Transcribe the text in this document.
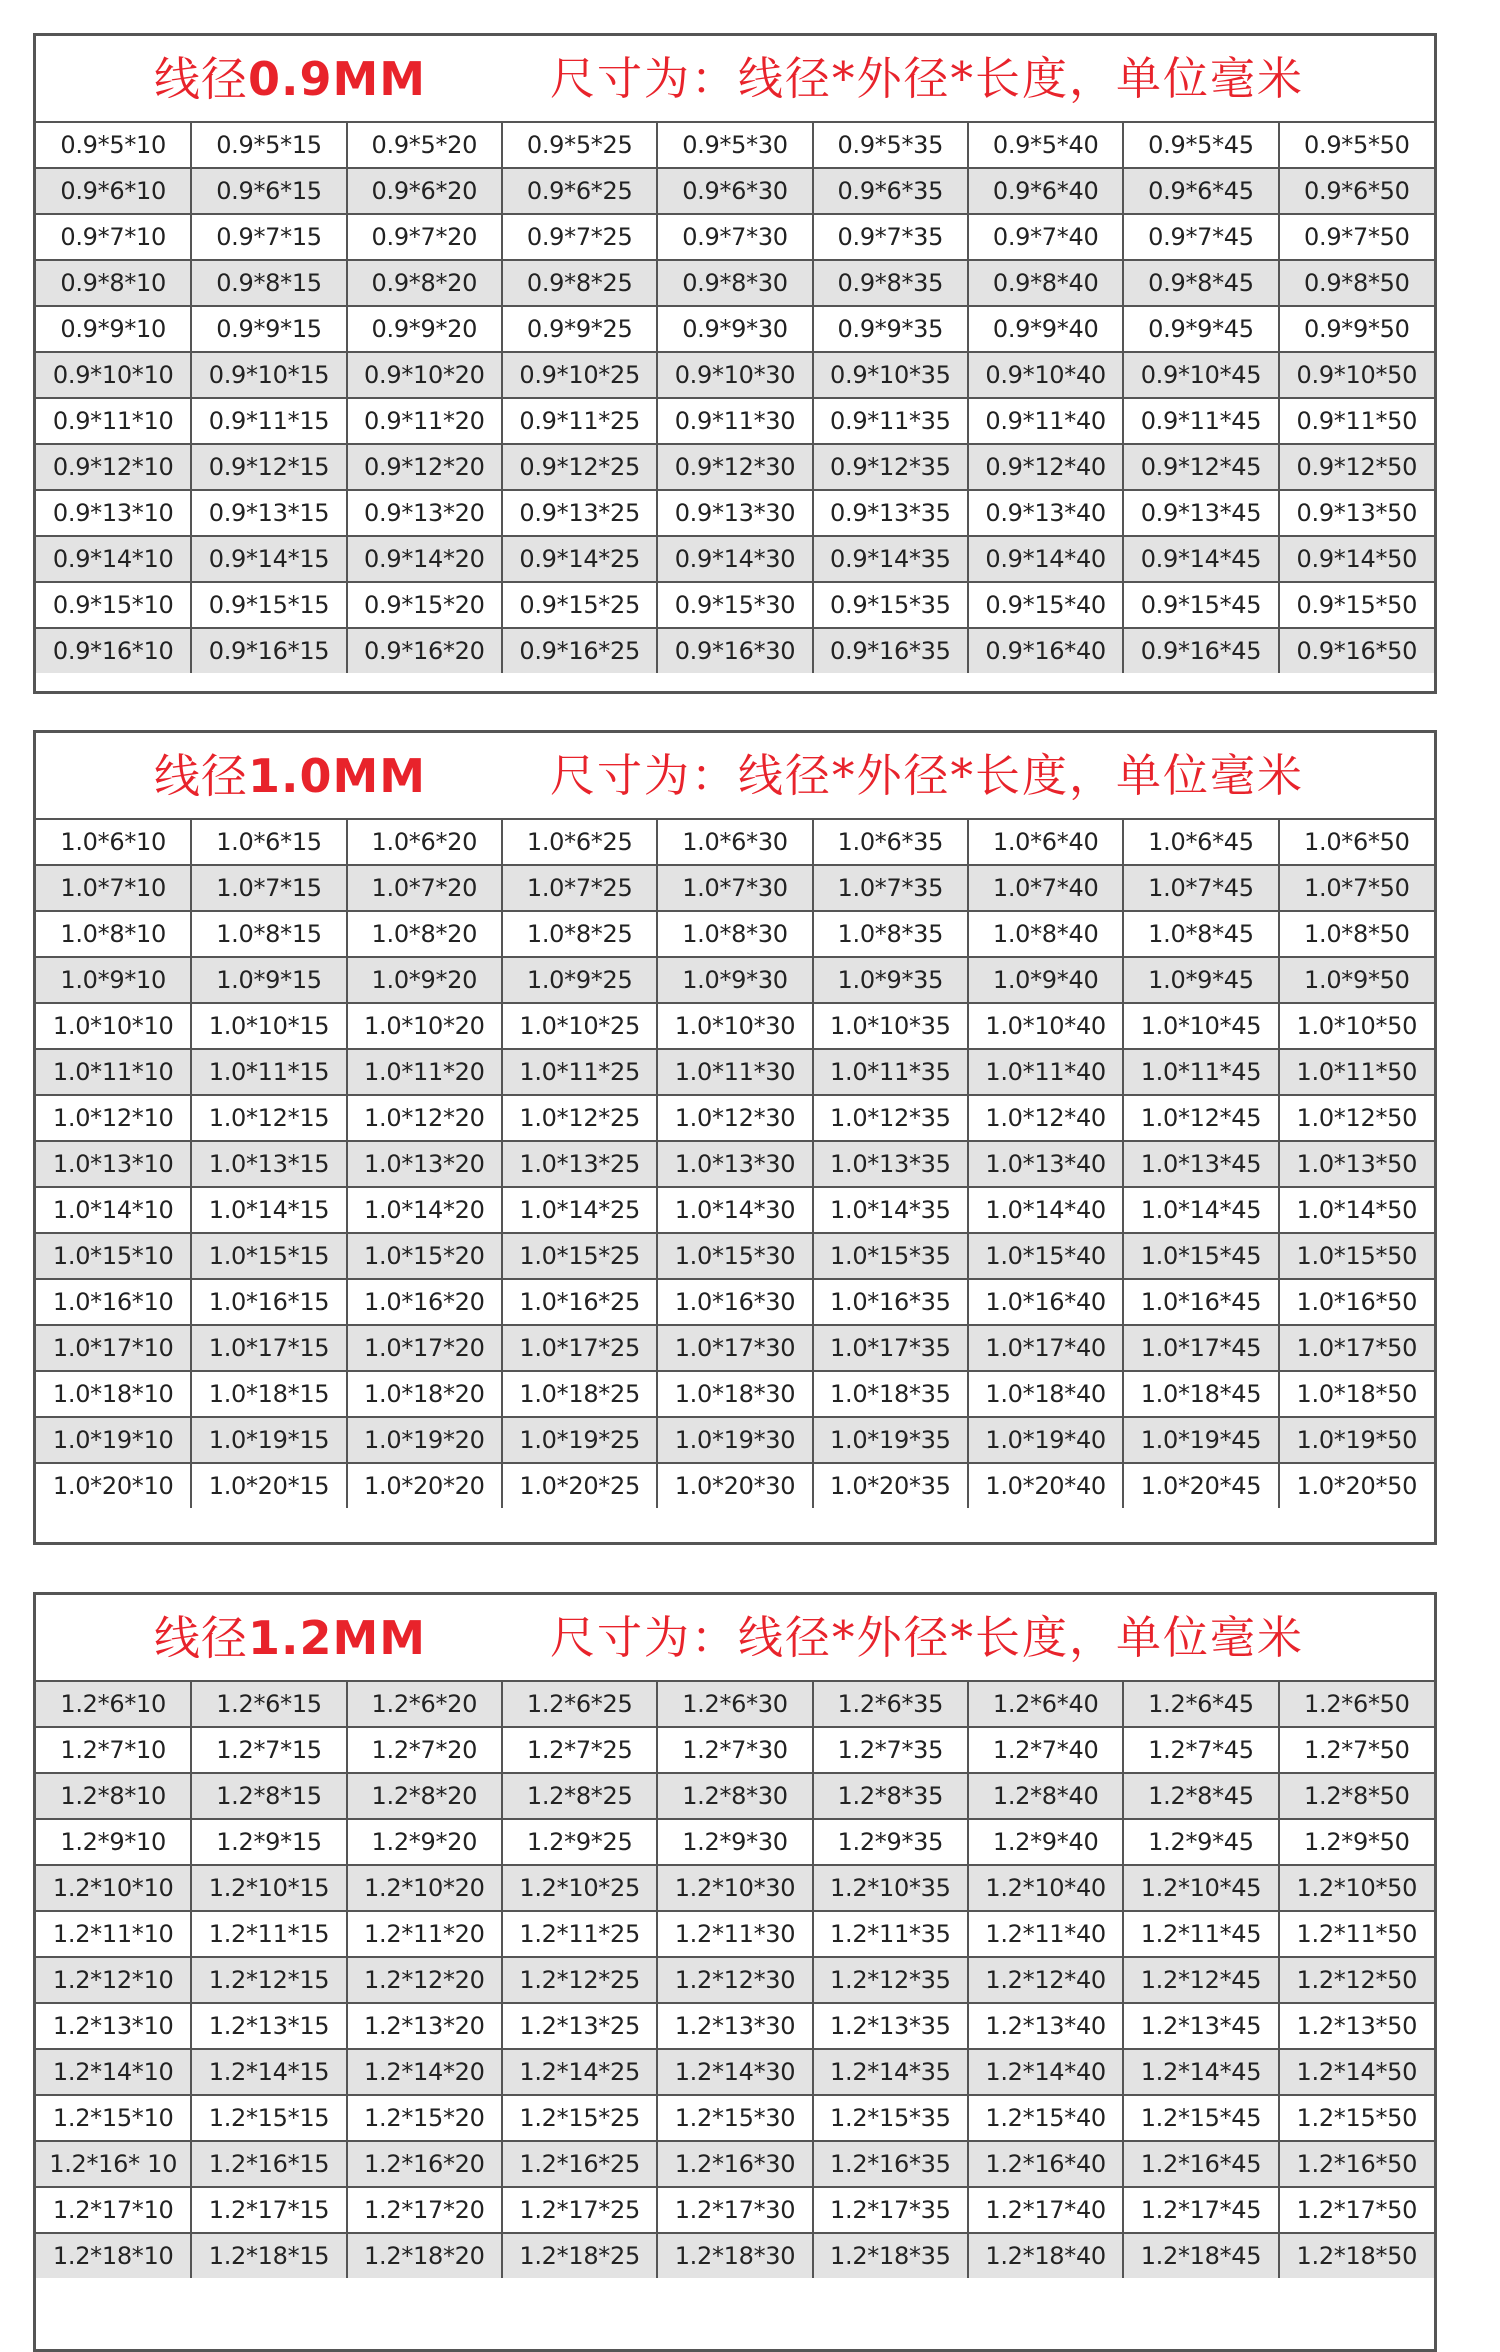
线径0.9MM	尺寸为：线径*外径*长度，单位毫米
0.9*5*10	0.9*5*15	0.9*5*20	0.9*5*25	0.9*5*30	0.9*5*35	0.9*5*40	0.9*5*45	0.9*5*50
0.9*6*10	0.9*6*15	0.9*6*20	0.9*6*25	0.9*6*30	0.9*6*35	0.9*6*40	0.9*6*45	0.9*6*50
0.9*7*10	0.9*7*15	0.9*7*20	0.9*7*25	0.9*7*30	0.9*7*35	0.9*7*40	0.9*7*45	0.9*7*50
0.9*8*10	0.9*8*15	0.9*8*20	0.9*8*25	0.9*8*30	0.9*8*35	0.9*8*40	0.9*8*45	0.9*8*50
0.9*9*10	0.9*9*15	0.9*9*20	0.9*9*25	0.9*9*30	0.9*9*35	0.9*9*40	0.9*9*45	0.9*9*50
0.9*10*10	0.9*10*15	0.9*10*20	0.9*10*25	0.9*10*30	0.9*10*35	0.9*10*40	0.9*10*45	0.9*10*50
0.9*11*10	0.9*11*15	0.9*11*20	0.9*11*25	0.9*11*30	0.9*11*35	0.9*11*40	0.9*11*45	0.9*11*50
0.9*12*10	0.9*12*15	0.9*12*20	0.9*12*25	0.9*12*30	0.9*12*35	0.9*12*40	0.9*12*45	0.9*12*50
0.9*13*10	0.9*13*15	0.9*13*20	0.9*13*25	0.9*13*30	0.9*13*35	0.9*13*40	0.9*13*45	0.9*13*50
0.9*14*10	0.9*14*15	0.9*14*20	0.9*14*25	0.9*14*30	0.9*14*35	0.9*14*40	0.9*14*45	0.9*14*50
0.9*15*10	0.9*15*15	0.9*15*20	0.9*15*25	0.9*15*30	0.9*15*35	0.9*15*40	0.9*15*45	0.9*15*50
0.9*16*10	0.9*16*15	0.9*16*20	0.9*16*25	0.9*16*30	0.9*16*35	0.9*16*40	0.9*16*45	0.9*16*50
线径1.0MM	尺寸为：线径*外径*长度，单位毫米
1.0*6*10	1.0*6*15	1.0*6*20	1.0*6*25	1.0*6*30	1.0*6*35	1.0*6*40	1.0*6*45	1.0*6*50
1.0*7*10	1.0*7*15	1.0*7*20	1.0*7*25	1.0*7*30	1.0*7*35	1.0*7*40	1.0*7*45	1.0*7*50
1.0*8*10	1.0*8*15	1.0*8*20	1.0*8*25	1.0*8*30	1.0*8*35	1.0*8*40	1.0*8*45	1.0*8*50
1.0*9*10	1.0*9*15	1.0*9*20	1.0*9*25	1.0*9*30	1.0*9*35	1.0*9*40	1.0*9*45	1.0*9*50
1.0*10*10	1.0*10*15	1.0*10*20	1.0*10*25	1.0*10*30	1.0*10*35	1.0*10*40	1.0*10*45	1.0*10*50
1.0*11*10	1.0*11*15	1.0*11*20	1.0*11*25	1.0*11*30	1.0*11*35	1.0*11*40	1.0*11*45	1.0*11*50
1.0*12*10	1.0*12*15	1.0*12*20	1.0*12*25	1.0*12*30	1.0*12*35	1.0*12*40	1.0*12*45	1.0*12*50
1.0*13*10	1.0*13*15	1.0*13*20	1.0*13*25	1.0*13*30	1.0*13*35	1.0*13*40	1.0*13*45	1.0*13*50
1.0*14*10	1.0*14*15	1.0*14*20	1.0*14*25	1.0*14*30	1.0*14*35	1.0*14*40	1.0*14*45	1.0*14*50
1.0*15*10	1.0*15*15	1.0*15*20	1.0*15*25	1.0*15*30	1.0*15*35	1.0*15*40	1.0*15*45	1.0*15*50
1.0*16*10	1.0*16*15	1.0*16*20	1.0*16*25	1.0*16*30	1.0*16*35	1.0*16*40	1.0*16*45	1.0*16*50
1.0*17*10	1.0*17*15	1.0*17*20	1.0*17*25	1.0*17*30	1.0*17*35	1.0*17*40	1.0*17*45	1.0*17*50
1.0*18*10	1.0*18*15	1.0*18*20	1.0*18*25	1.0*18*30	1.0*18*35	1.0*18*40	1.0*18*45	1.0*18*50
1.0*19*10	1.0*19*15	1.0*19*20	1.0*19*25	1.0*19*30	1.0*19*35	1.0*19*40	1.0*19*45	1.0*19*50
1.0*20*10	1.0*20*15	1.0*20*20	1.0*20*25	1.0*20*30	1.0*20*35	1.0*20*40	1.0*20*45	1.0*20*50
线径1.2MM	尺寸为：线径*外径*长度，单位毫米
1.2*6*10	1.2*6*15	1.2*6*20	1.2*6*25	1.2*6*30	1.2*6*35	1.2*6*40	1.2*6*45	1.2*6*50
1.2*7*10	1.2*7*15	1.2*7*20	1.2*7*25	1.2*7*30	1.2*7*35	1.2*7*40	1.2*7*45	1.2*7*50
1.2*8*10	1.2*8*15	1.2*8*20	1.2*8*25	1.2*8*30	1.2*8*35	1.2*8*40	1.2*8*45	1.2*8*50
1.2*9*10	1.2*9*15	1.2*9*20	1.2*9*25	1.2*9*30	1.2*9*35	1.2*9*40	1.2*9*45	1.2*9*50
1.2*10*10	1.2*10*15	1.2*10*20	1.2*10*25	1.2*10*30	1.2*10*35	1.2*10*40	1.2*10*45	1.2*10*50
1.2*11*10	1.2*11*15	1.2*11*20	1.2*11*25	1.2*11*30	1.2*11*35	1.2*11*40	1.2*11*45	1.2*11*50
1.2*12*10	1.2*12*15	1.2*12*20	1.2*12*25	1.2*12*30	1.2*12*35	1.2*12*40	1.2*12*45	1.2*12*50
1.2*13*10	1.2*13*15	1.2*13*20	1.2*13*25	1.2*13*30	1.2*13*35	1.2*13*40	1.2*13*45	1.2*13*50
1.2*14*10	1.2*14*15	1.2*14*20	1.2*14*25	1.2*14*30	1.2*14*35	1.2*14*40	1.2*14*45	1.2*14*50
1.2*15*10	1.2*15*15	1.2*15*20	1.2*15*25	1.2*15*30	1.2*15*35	1.2*15*40	1.2*15*45	1.2*15*50
1.2*16* 10	1.2*16*15	1.2*16*20	1.2*16*25	1.2*16*30	1.2*16*35	1.2*16*40	1.2*16*45	1.2*16*50
1.2*17*10	1.2*17*15	1.2*17*20	1.2*17*25	1.2*17*30	1.2*17*35	1.2*17*40	1.2*17*45	1.2*17*50
1.2*18*10	1.2*18*15	1.2*18*20	1.2*18*25	1.2*18*30	1.2*18*35	1.2*18*40	1.2*18*45	1.2*18*50
